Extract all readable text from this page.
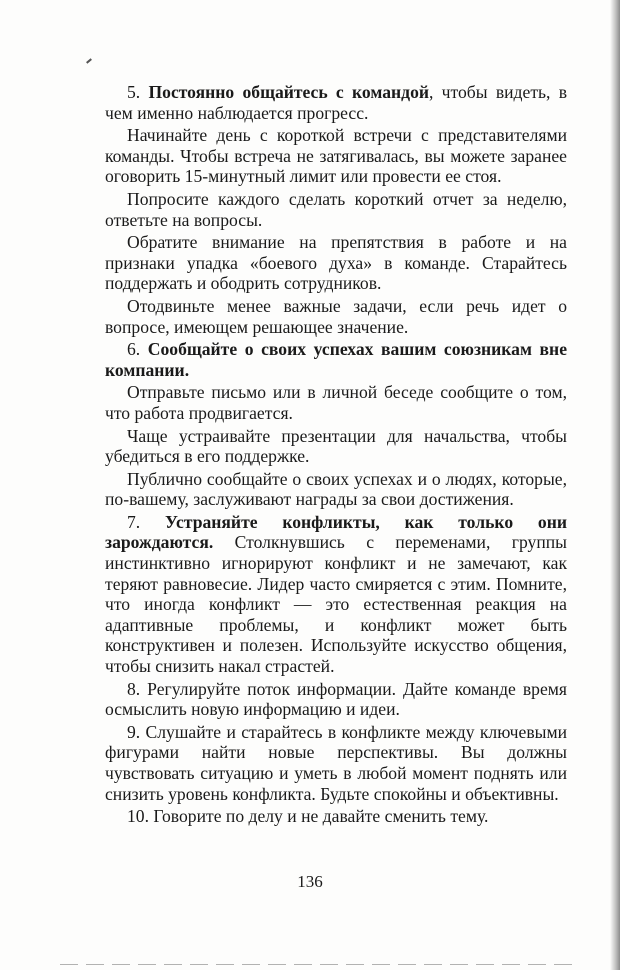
5. Постоянно общайтесь с командой, чтобы видеть, в чем именно наблюдается прогресс.

Начинайте день с короткой встречи с представителями команды. Чтобы встреча не затягивалась, вы можете заранее оговорить 15-минутный лимит или провести ее стоя.

Попросите каждого сделать короткий отчет за неделю, ответьте на вопросы.

Обратите внимание на препятствия в работе и на признаки упадка «боевого духа» в команде. Старайтесь поддержать и ободрить сотрудников.

Отодвиньте менее важные задачи, если речь идет о вопросе, имеющем решающее значение.

6. Сообщайте о своих успехах вашим союзникам вне компании.

Отправьте письмо или в личной беседе сообщите о том, что работа продвигается.

Чаще устраивайте презентации для начальства, чтобы убедиться в его поддержке.

Публично сообщайте о своих успехах и о людях, которые, по-вашему, заслуживают награды за свои достижения.

7. Устраняйте конфликты, как только они зарождаются. Столкнувшись с переменами, группы инстинктивно игнорируют конфликт и не замечают, как теряют равновесие. Лидер часто смиряется с этим. Помните, что иногда конфликт — это естественная реакция на адаптивные проблемы, и конфликт может быть конструктивен и полезен. Используйте искусство общения, чтобы снизить накал страстей.

8. Регулируйте поток информации. Дайте команде время осмыслить новую информацию и идеи.

9. Слушайте и старайтесь в конфликте между ключевыми фигурами найти новые перспективы. Вы должны чувствовать ситуацию и уметь в любой момент поднять или снизить уровень конфликта. Будьте спокойны и объективны.

10. Говорите по делу и не давайте сменить тему.

136
